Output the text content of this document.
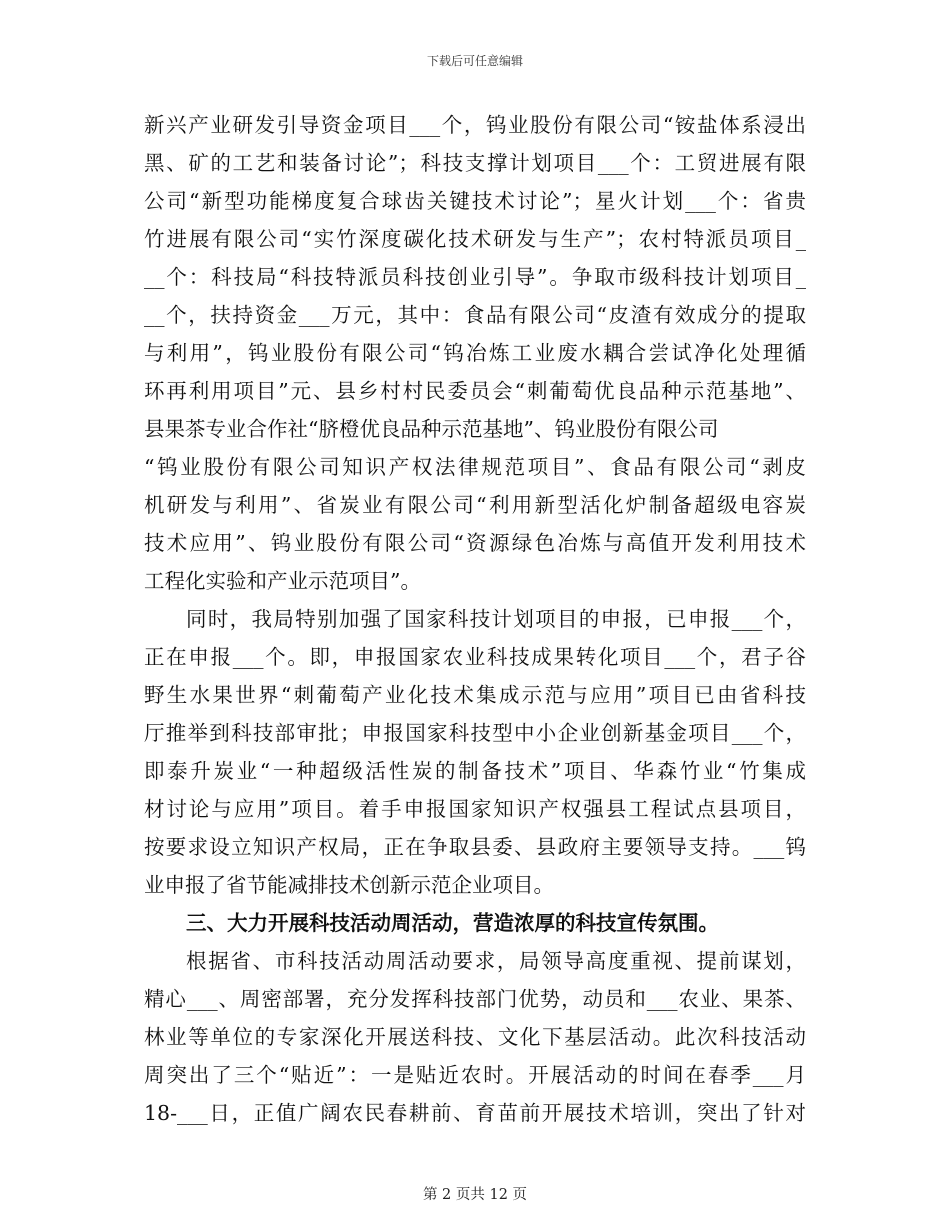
下载后可任意编辑
新兴产业研发引导资金项目___个，钨业股份有限公司“铵盐体系浸出
黑、矿的工艺和装备讨论”；科技支撑计划项目___个：工贸进展有限
公司“新型功能梯度复合球齿关键技术讨论”；星火计划___个：省贵
竹进展有限公司“实竹深度碳化技术研发与生产”；农村特派员项目_
__个：科技局“科技特派员科技创业引导”。争取市级科技计划项目_
__个，扶持资金___万元，其中：食品有限公司“皮渣有效成分的提取
与利用”，钨业股份有限公司“钨冶炼工业废水耦合尝试净化处理循
环再利用项目”元、县乡村村民委员会“刺葡萄优良品种示范基地”、
县果茶专业合作社“脐橙优良品种示范基地”、钨业股份有限公司
“钨业股份有限公司知识产权法律规范项目”、食品有限公司“剥皮
机研发与利用”、省炭业有限公司“利用新型活化炉制备超级电容炭
技术应用”、钨业股份有限公司“资源绿色冶炼与高值开发利用技术
工程化实验和产业示范项目”。
同时，我局特别加强了国家科技计划项目的申报，已申报___个，
正在申报___个。即，申报国家农业科技成果转化项目___个，君子谷
野生水果世界“刺葡萄产业化技术集成示范与应用”项目已由省科技
厅推举到科技部审批；申报国家科技型中小企业创新基金项目___个，
即泰升炭业“一种超级活性炭的制备技术”项目、华森竹业“竹集成
材讨论与应用”项目。着手申报国家知识产权强县工程试点县项目，
按要求设立知识产权局，正在争取县委、县政府主要领导支持。___钨
业申报了省节能减排技术创新示范企业项目。
三、大力开展科技活动周活动，营造浓厚的科技宣传氛围。
根据省、市科技活动周活动要求，局领导高度重视、提前谋划，
精心___、周密部署，充分发挥科技部门优势，动员和___农业、果茶、
林业等单位的专家深化开展送科技、文化下基层活动。此次科技活动
周突出了三个“贴近”：一是贴近农时。开展活动的时间在春季___月
18-___日，正值广阔农民春耕前、育苗前开展技术培训，突出了针对
第 2 页共 12 页
